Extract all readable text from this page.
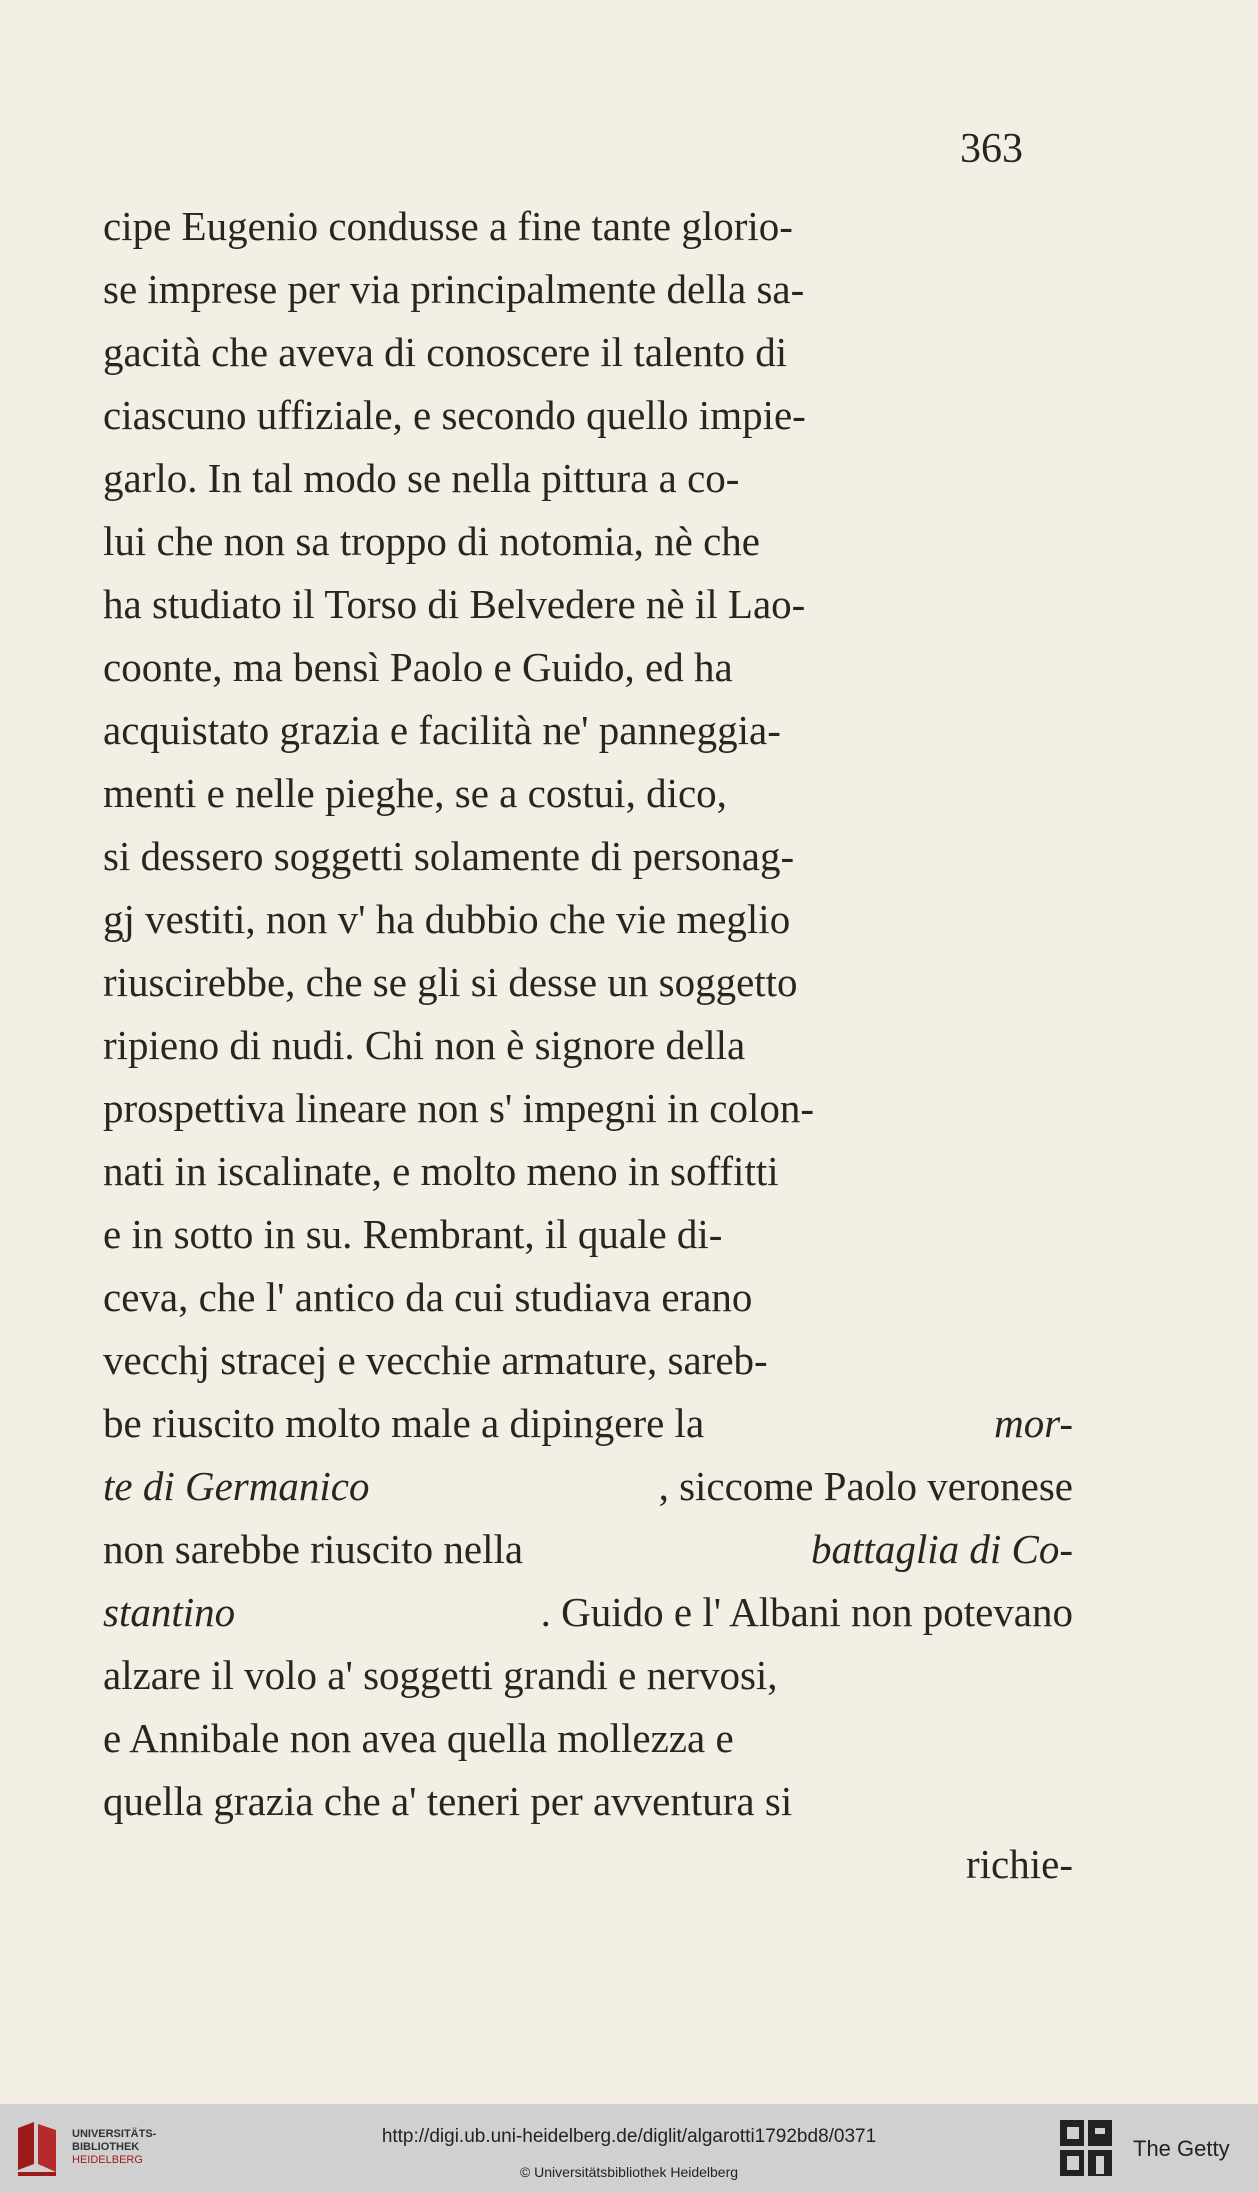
363
cipe Eugenio condusse a fine tante glorio-
se imprese per via principalmente della sa-
gacità che aveva di conoscere il talento di
ciascuno uffiziale, e secondo quello impie-
garlo. In tal modo se nella pittura a co-
lui che non sa troppo di notomia, nè che
ha studiato il Torso di Belvedere nè il Lao-
coonte, ma bensì Paolo e Guido, ed ha
acquistato grazia e facilità ne' panneggia-
menti e nelle pieghe, se a costui, dico,
si dessero soggetti solamente di personag-
gj vestiti, non v' ha dubbio che vie meglio
riuscirebbe, che se gli si desse un soggetto
ripieno di nudi. Chi non è signore della
prospettiva lineare non s' impegni in colon-
nati in iscalinate, e molto meno in soffitti
e in sotto in su. Rembrant, il quale di-
ceva, che l' antico da cui studiava erano
vecchj stracej e vecchie armature, sareb-
be riuscito molto male a dipingere la	mor-
te di Germanico	, siccome Paolo veronese
non sarebbe riuscito nella	battaglia di Co-
stantino	. Guido e l' Albani non potevano
alzare il volo a' soggetti grandi e nervosi,
e Annibale non avea quella mollezza e
quella grazia che a' teneri per avventura si
richie-
UNIVERSITÄTS-
BIBLIOTHEK
HEIDELBERG
http://digi.ub.uni-heidelberg.de/diglit/algarotti1792bd8/0371
© Universitätsbibliothek Heidelberg
The Getty
